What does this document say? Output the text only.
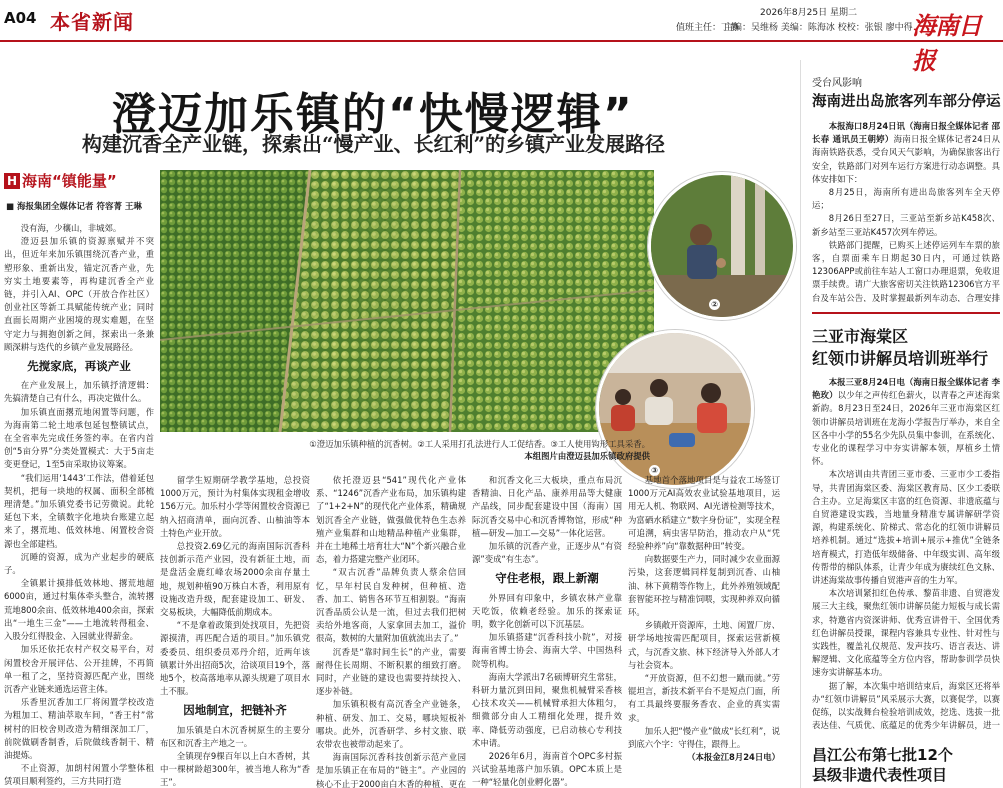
A04 本省新闻	2026年8月25日 星期二
值班主任：丁静
主编：吴维杨 美编：陈海冰 校校：张银 廖中得 海南日报
澄迈加乐镇的“快慢逻辑”
构建沉香全产业链，探索出“慢产业、长红利”的乡镇产业发展路径
H 海南“镇能量”
■ 海报集团全媒体记者 符容菁 王琳

没有海，少穰山，非城郊。

澄迈县加乐镇的资源禀赋并不突出，但近年来加乐镇围绕沉香产业，重塑形象、重新出发，锚定沉香产业，先穷实土地要素等，再构建沉香全产业链，并引入AI、OPC（开放合作社区）创业社区等新工具赋能传统产业；同时直面长周期产业困境的现实难题，在坚守定力与拥抱创新之间，探索出一条兼顾深耕与迭代的乡镇产业发展路径。

先搅家底，再谈产业

在产业发展上，加乐镇抒清逻辑：先搞清楚自己有什么，再决定做什么。

加乐镇直面撂荒地闲置等问题，作为海南第二轮土地承包延包整镇试点，在全省率先完成任务签约率。在省内首创“5亩分界”分类处置模式：大于5亩走变更登记，1至5亩采取协议筹案。

“我们运用‘1443’工作法，借着延包契机，把每一块地的权属、面积全部梳理清楚。”加乐镇党委书记劳微说。此轮延包下来，全镇数字化地块台账建立起来了，撂荒地、低效林地、闲置校舍资源也全部建档。

沉睡的资源，成为产业起步的硬底子。

全镇累计摸排低效林地、撂荒地超6000亩，通过村集体牵头整合，流转撂荒地800余亩、低效林地400余亩，探索出“一地生三金”——土地流转得租金、入股分红得股金、入园就业得薪金。

加乐还依托农村产权交易平台，对闲置校舍开展评估、公开挂牌，不再简单一租了之，坚持资源匹配产业，围绕沉香产业链来通选运营主体。

乐香里沉香加工厂将闲置学校改造为粗加工、精油萃取车间，“香王村”常树村的旧校舍则改造为精细深加工厂，前院做刷香制香，后院做线香制干、精油提炼。

不止资源，加朗村闲置小学整体租赁项目顺利签约，三方共同打造

②
③
①澄迈加乐镇种植的沉香树。②工人采用打孔法进行人工促结香。③工人使用钩形工具采香。
本组图片由澄迈县加乐镇政府提供

留学生短期研学教学基地，总投资1000万元，预计为村集体实现租金增收156万元。加乐村小学等闲置校舍资源已纳入招商清单，面向沉香、山柚油等本土特色产业开放。

总投资2.69亿元的海南国际沉香科技创新示范产业园，没有新征土地，而是盘活金鹿红峰农场2000余亩存量土地，规划种植90万株白木香，利用原有设施改造升级，配套建设加工、研发、交易板块，大幅降低前期成本。

“不是拿着政策到处找项目，先把资源摸清，再匹配合适的项目。”加乐镇党委委员、组织委员邓丹介绍，近两年该镇累计外出招商5次，洽谈项目19个，落地5个，校高落地率从源头规避了项目水土不服。

因地制宜，把链补齐

加乐镇是白木沉香树原生的主要分布区和沉香主产地之一。

全镇现存9棵百年以上白木香树，其中一棵树龄超300年，被当地人称为“香王”。

依托澄迈县“541”现代化产业体系、“1246”沉香产业布局，加乐镇构建了“1+2+N”的现代化产业体系，精确规划沉香全产业链，做强做优特色生态养殖产业集群和山地精品种植产业集群，并在土地稀土培育壮大“N”个新兴融合业态，着力搭建完整产业闭环。

“双古沉香”品牌负责人蔡余信回忆，早年村民自发种树，但种植、造香、加工、销售各环节互相割裂。“海南沉香品质公认是一流，但过去我们把树卖给外地客商，人家拿回去加工，溢价很高，数树的大量附加值就流出去了。”

沉香是“靠时间生长”的产业，需要耐得住长周期、不断积累的细致打磨。同时，产业链的建设也需要持续投入、逐步补链。

加乐镇积极有高沉香全产业链条，种植、研发、加工、交易，哪块短板补哪块。此外，沉香研学、乡村文旅、联农带农也被带动起来了。

海南国际沉香科技创新示范产业园是加乐镇正在布局的“链主”。产业园的核心不止于2000亩白木香的种植，更在

和沉香文化三大板块，重点布局沉香精油、日化产品、康养用品等大健康产品线，同步配套建设中国（海南）国际沉香交易中心和沉香博物馆，形成“种植—研发—加工—交易”一体化运营。

加乐镇的沉香产业，正逐步从“有资源”变成“有生态”。

守住老根，跟上新潮

外界回有印象中，乡镇农林产业靠天吃饭，依赖老经验。加乐的探索证明，数字化创新可以下沉基层。

加乐镇搭建“沉香科技小院”，对接海南省博士协会、海南大学、中国热科院等机构。

海南大学派出7名硕博研究生常驻，科研力量沉到田间，聚焦机械臂采香核心技术攻关——机械臂承担大体粗匀，细微部分由人工精细化处理，提升效率、降低劳动强度，已启动核心专利技术申请。

2026年6月，海南首个OPC多村振兴试验基地落户加乐镇。OPC本质上是一种“轻量化创业孵化器”。

基地首个落地项目是与益农工场签订1000万元AI高效农业试验基地项目，运用无人机、物联网、AI光谱检测等技术，为富硒水稻建立“数字身份证”，实现全程可追溯，病虫害早防治，推动农户从“凭经验种养”向“靠数据种田”转变。

向数据要生产力，同时减少农业面源污染，这套逻辑同样复制到沉香、山柚油、林下黄精等作物上，此外养殖领域配套智能环控与精准饲喂，实现种养双向循环。

乡镇敞开资源库，土地、闲置厂房、研学场地按需匹配项目，探索运营新模式，与沉香文旅、林下经济导入外部人才与社会资本。

“开放资源，但不幻想一蹴而就。”劳锟坦言，新技术新平台不是短点门面，所有工具最终要服务香农、企业的真实需求。

加乐人把“慢产业”做成“长红利”，说到底六个字：守得住，跟得上。

（本报金江8月24日电）

受台风影响
海南进出岛旅客列车部分停运

本报海口8月24日讯（海南日报全媒体记者 邵长春 通讯员王朝婷）海南日报全媒体记者24日从海南铁路获悉，受台风天气影响，为确保旅客出行安全，铁路部门对列车运行方案进行动态调整。具体安排如下：

8月25日，海南所有进出岛旅客列车全天停运；

8月26日至27日，三亚站至新乡站K458次、新乡站至三亚站K457次列车停运。

铁路部门提醒，已购买上述停运列车车票的旅客，自票面乘车日期起30日内，可通过铁路12306APP或前往车站人工窗口办理退票，免收退票手续费。请广大旅客密切关注铁路12306官方平台及车站公告，及时掌握最新列车动态，合理安排

三亚市海棠区
红领巾讲解员培训班举行

本报三亚8月24日电（海南日报全媒体记者 李艳玫）以少年之声传红色薪火，以青春之声述海棠新韵。8月23日至24日，2026年三亚市海棠区红领巾讲解员培训班在龙海小学报告厅举办，来自全区各中小学的55名少先队员集中参训，在系统化、专业化的课程学习中夯实讲解本领，厚植乡土情怀。

本次培训由共青团三亚市委、三亚市少工委指导，共青团海棠区委、海棠区教育局、区少工委联合主办。立足海棠区丰富的红色资源、非遗底蕴与自贸港建设实践，当地量身精准专属讲解研学资源，构建系统化、阶梯式、常态化的红领巾讲解员培养机制。通过“选拔+培训+展示+推优”全链条培育模式，打造低年级储备、中年级实训、高年级传帮带的梯队体系，让青少年成为赓续红色文脉、讲述海棠故事传播自贸港声音的生力军。

本次培训紧扣红色传承、黎苗非遗、自贸港发展三大主线，聚焦红领巾讲解员能力短板与成长需求，特邀省内资深讲师、优秀宣讲骨干、全国优秀红色讲解员授课，课程内容兼具专业性、针对性与实践性，覆盖礼仪规范、发声技巧、语言表达、讲解逻辑、文化底蕴等全方位内容，帮助参训学员快速夯实讲解基本功。

据了解，本次集中培训结束后，海棠区还将举办“红领巾讲解员”风采展示大赛，以赛促学，以赛促练，以实战舞台检验培训成效，挖选、选拔一批表达佳、气质优、底蕴足的优秀少年讲解员，进一

昌江公布第七批12个
县级非遗代表性项目
